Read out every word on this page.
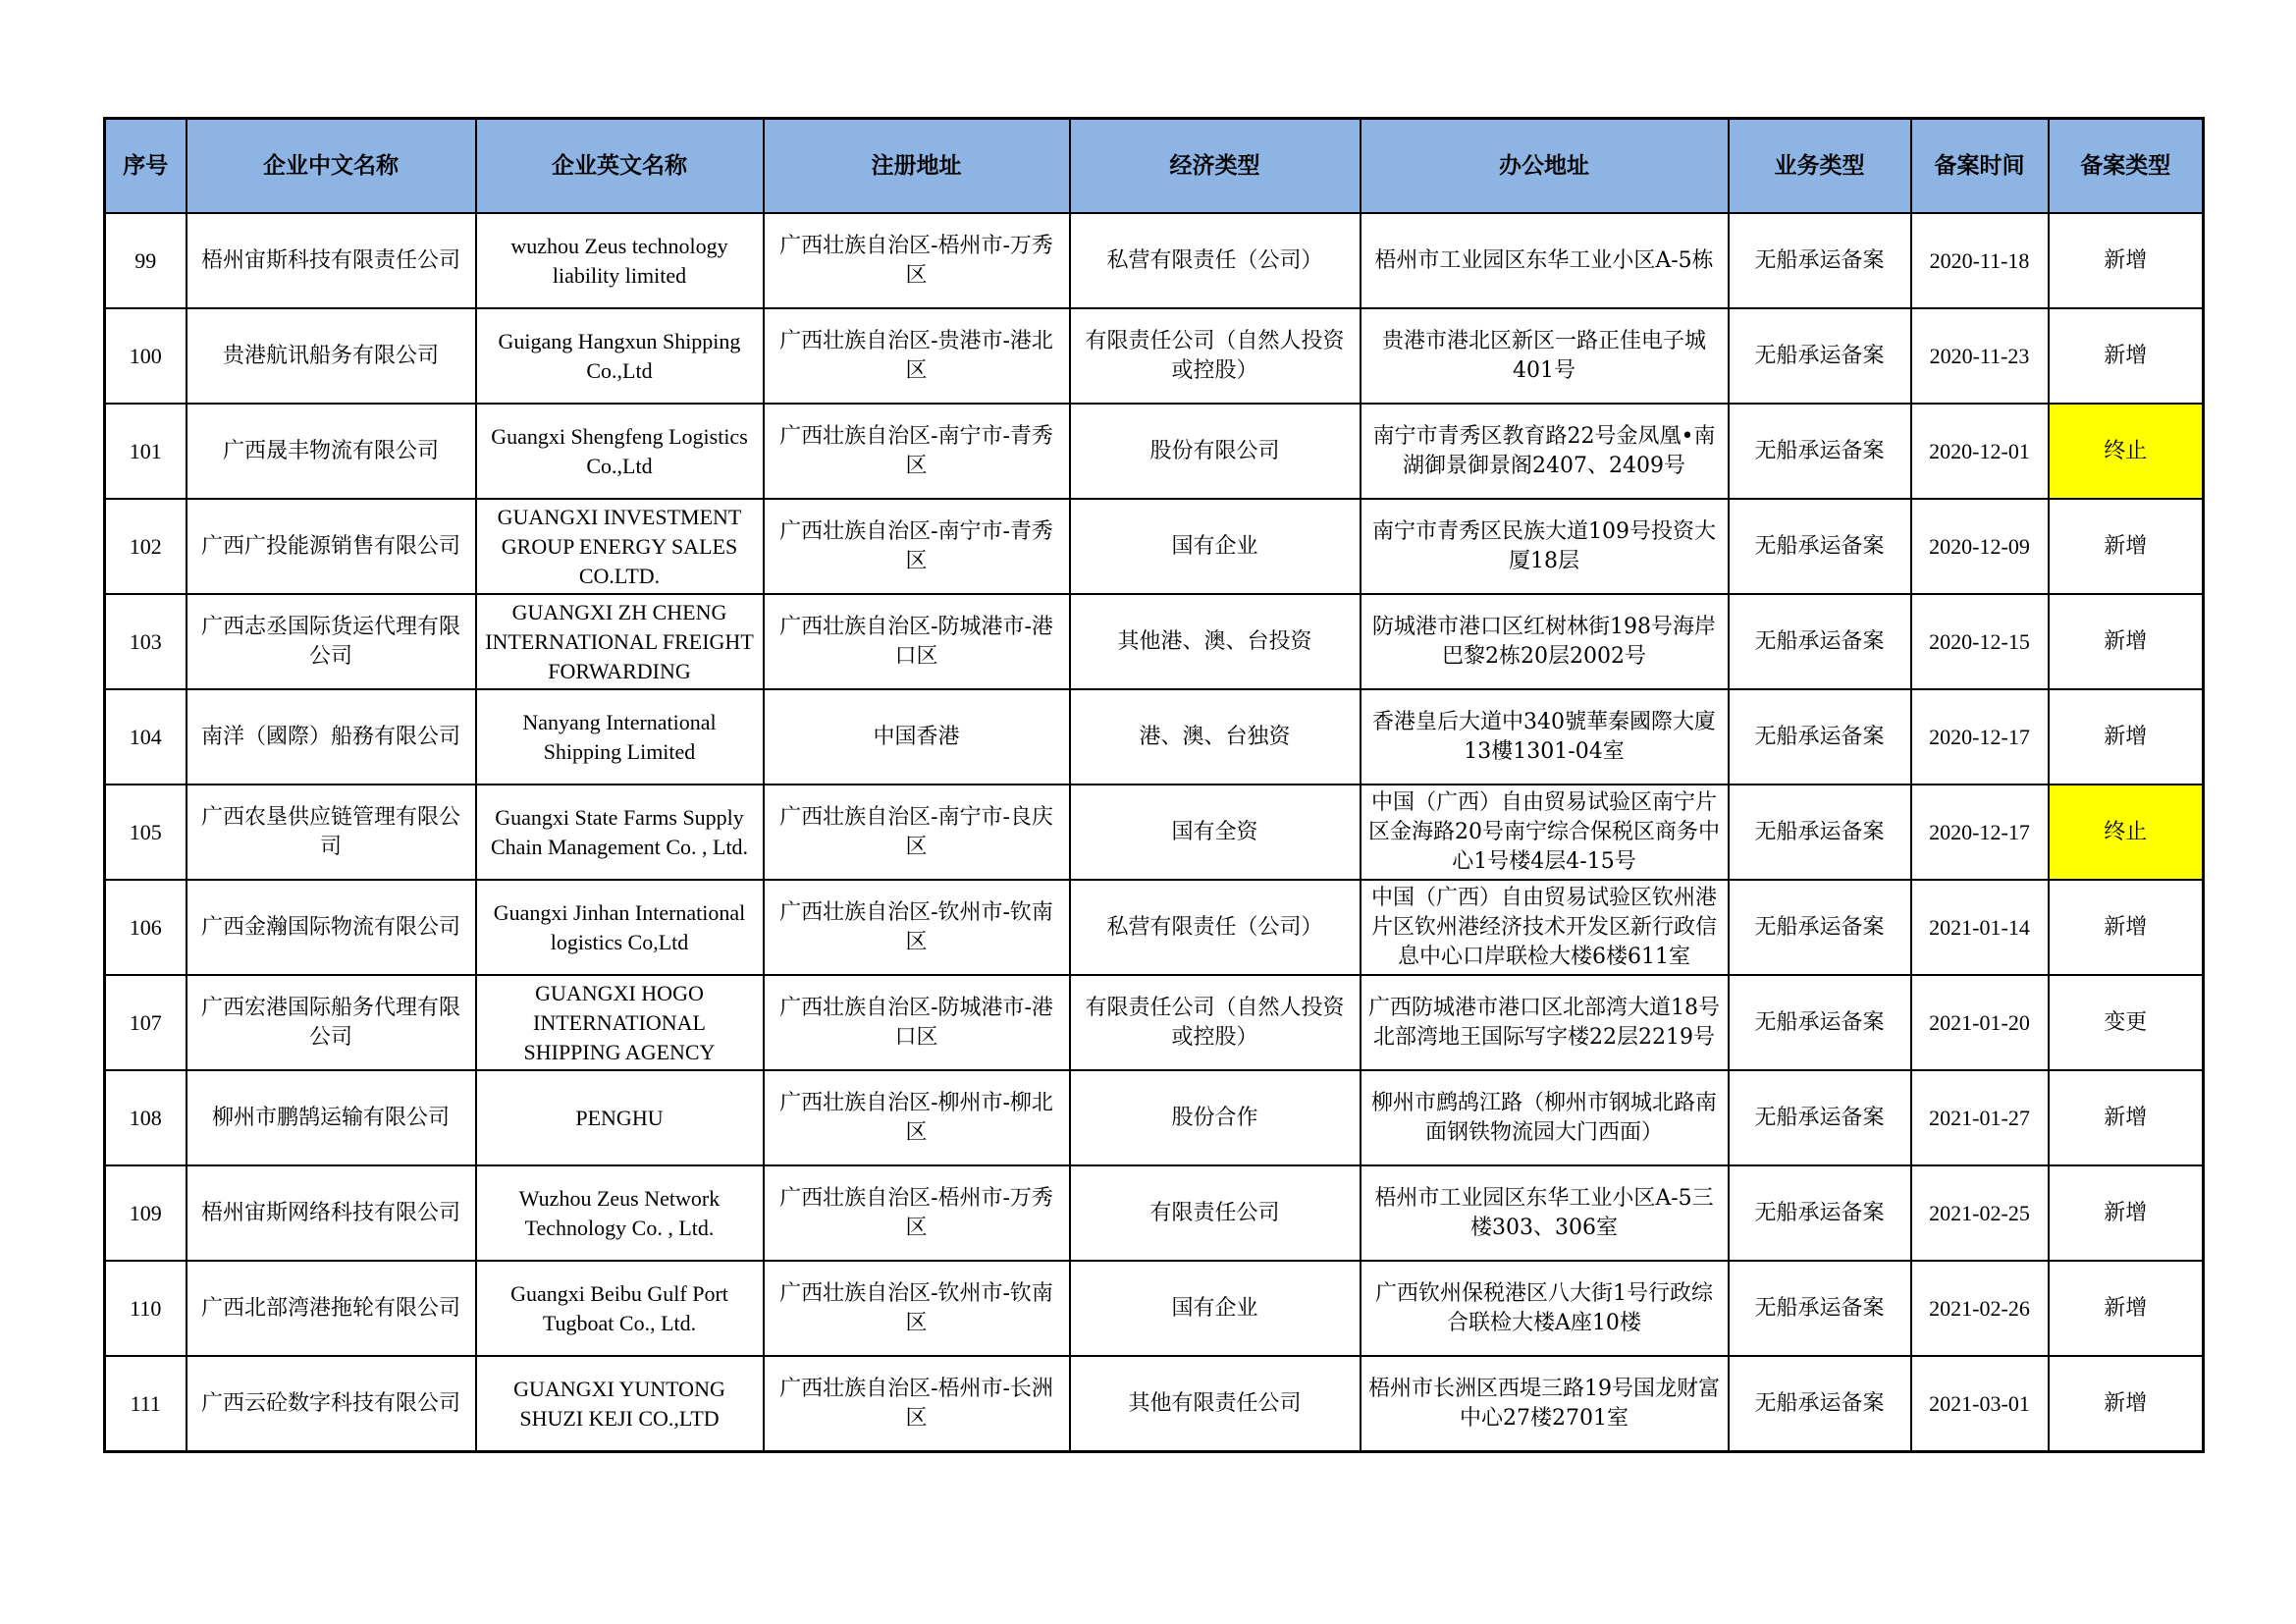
序号	企业中文名称	企业英文名称	注册地址	经济类型	办公地址	业务类型	备案时间	备案类型
99	梧州宙斯科技有限责任公司	wuzhou Zeus technology liability limited	广西壮族自治区-梧州市-万秀区	私营有限责任（公司）	梧州市工业园区东华工业小区A-5栋	无船承运备案	2020-11-18	新增
100	贵港航讯船务有限公司	Guigang Hangxun Shipping Co.,Ltd	广西壮族自治区-贵港市-港北区	有限责任公司（自然人投资或控股）	贵港市港北区新区一路正佳电子城401号	无船承运备案	2020-11-23	新增
101	广西晟丰物流有限公司	Guangxi Shengfeng Logistics Co.,Ltd	广西壮族自治区-南宁市-青秀区	股份有限公司	南宁市青秀区教育路22号金凤凰•南湖御景御景阁2407、2409号	无船承运备案	2020-12-01	终止
102	广西广投能源销售有限公司	GUANGXI INVESTMENT GROUP ENERGY SALES CO.LTD.	广西壮族自治区-南宁市-青秀区	国有企业	南宁市青秀区民族大道109号投资大厦18层	无船承运备案	2020-12-09	新增
103	广西志丞国际货运代理有限公司	GUANGXI ZH CHENG INTERNATIONAL FREIGHT FORWARDING	广西壮族自治区-防城港市-港口区	其他港、澳、台投资	防城港市港口区红树林街198号海岸巴黎2栋20层2002号	无船承运备案	2020-12-15	新增
104	南洋（國際）船務有限公司	Nanyang International Shipping Limited	中国香港	港、澳、台独资	香港皇后大道中340號華秦國際大廈13樓1301-04室	无船承运备案	2020-12-17	新增
105	广西农垦供应链管理有限公司	Guangxi State Farms Supply Chain Management Co. , Ltd.	广西壮族自治区-南宁市-良庆区	国有全资	中国（广西）自由贸易试验区南宁片区金海路20号南宁综合保税区商务中心1号楼4层4-15号	无船承运备案	2020-12-17	终止
106	广西金瀚国际物流有限公司	Guangxi Jinhan International logistics Co,Ltd	广西壮族自治区-钦州市-钦南区	私营有限责任（公司）	中国（广西）自由贸易试验区钦州港片区钦州港经济技术开发区新行政信息中心口岸联检大楼6楼611室	无船承运备案	2021-01-14	新增
107	广西宏港国际船务代理有限公司	GUANGXI HOGO INTERNATIONAL SHIPPING AGENCY	广西壮族自治区-防城港市-港口区	有限责任公司（自然人投资或控股）	广西防城港市港口区北部湾大道18号北部湾地王国际写字楼22层2219号	无船承运备案	2021-01-20	变更
108	柳州市鹏鹄运输有限公司	PENGHU	广西壮族自治区-柳州市-柳北区	股份合作	柳州市鹧鸪江路（柳州市钢城北路南面钢铁物流园大门西面）	无船承运备案	2021-01-27	新增
109	梧州宙斯网络科技有限公司	Wuzhou Zeus Network Technology Co. , Ltd.	广西壮族自治区-梧州市-万秀区	有限责任公司	梧州市工业园区东华工业小区A-5三楼303、306室	无船承运备案	2021-02-25	新增
110	广西北部湾港拖轮有限公司	Guangxi Beibu Gulf Port Tugboat Co., Ltd.	广西壮族自治区-钦州市-钦南区	国有企业	广西钦州保税港区八大街1号行政综合联检大楼A座10楼	无船承运备案	2021-02-26	新增
111	广西云砼数字科技有限公司	GUANGXI YUNTONG SHUZI KEJI CO.,LTD	广西壮族自治区-梧州市-长洲区	其他有限责任公司	梧州市长洲区西堤三路19号国龙财富中心27楼2701室	无船承运备案	2021-03-01	新增
